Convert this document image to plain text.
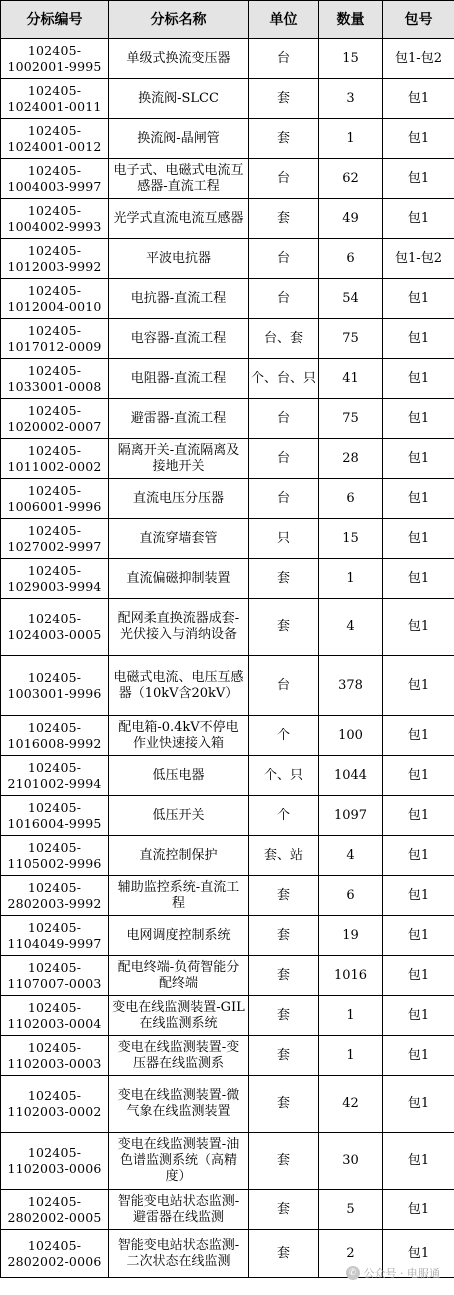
分标编号	分标名称	单位	数量	包号
102405-1002001-9995	单级式换流变压器	台	15	包1-包2
102405-1024001-0011	换流阀-SLCC	套	3	包1
102405-1024001-0012	换流阀-晶闸管	套	1	包1
102405-1004003-9997	电子式、电磁式电流互感器-直流工程	台	62	包1
102405-1004002-9993	光学式直流电流互感器	套	49	包1
102405-1012003-9992	平波电抗器	台	6	包1-包2
102405-1012004-0010	电抗器-直流工程	台	54	包1
102405-1017012-0009	电容器-直流工程	台、套	75	包1
102405-1033001-0008	电阻器-直流工程	个、台、只	41	包1
102405-1020002-0007	避雷器-直流工程	台	75	包1
102405-1011002-0002	隔离开关-直流隔离及接地开关	台	28	包1
102405-1006001-9996	直流电压分压器	台	6	包1
102405-1027002-9997	直流穿墙套管	只	15	包1
102405-1029003-9994	直流偏磁抑制装置	套	1	包1
102405-1024003-0005	配网柔直换流器成套-光伏接入与消纳设备	套	4	包1
102405-1003001-9996	电磁式电流、电压互感器（10kV含20kV）	台	378	包1
102405-1016008-9992	配电箱-0.4kV不停电作业快速接入箱	个	100	包1
102405-2101002-9994	低压电器	个、只	1044	包1
102405-1016004-9995	低压开关	个	1097	包1
102405-1105002-9996	直流控制保护	套、站	4	包1
102405-2802003-9992	辅助监控系统-直流工程	套	6	包1
102405-1104049-9997	电网调度控制系统	套	19	包1
102405-1107007-0003	配电终端-负荷智能分配终端	套	1016	包1
102405-1102003-0004	变电在线监测装置-GIL在线监测系统	套	1	包1
102405-1102003-0003	变电在线监测装置-变压器在线监测系	套	1	包1
102405-1102003-0002	变电在线监测装置-微气象在线监测装置	套	42	包1
102405-1102003-0006	变电在线监测装置-油色谱监测系统（高精度）	套	30	包1
102405-2802002-0005	智能变电站状态监测-避雷器在线监测	套	5	包1
102405-2802002-0006	智能变电站状态监测-二次状态在线监测	套	2	包1
✆ 公众号 · 电服通
